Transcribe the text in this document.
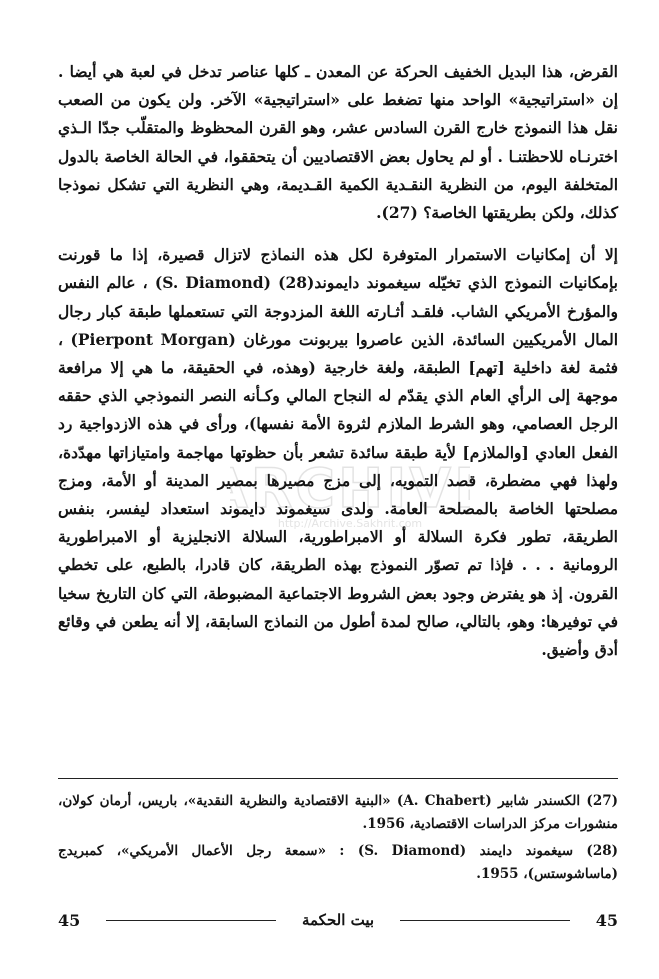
القرض، هذا البديل الخفيف الحركة عن المعدن ـ كلها عناصر تدخل في لعبة هي أيضا . إن «استراتيجية» الواحد منها تضغط على «استراتيجية» الآخر. ولن يكون من الصعب نقل هذا النموذج خارج القرن السادس عشر، وهو القرن المحظوظ والمتقلّب جدّا الـذي اخترنـاه للاحظتنـا . أو لم يحاول بعض الاقتصاديين أن يتحققوا، في الحالة الخاصة بالدول المتخلفة اليوم، من النظرية النقـدية الكمية القـديمة، وهي النظرية التي تشكل نموذجا كذلك، ولكن بطريقتها الخاصة؟ (27).

إلا أن إمكانيات الاستمرار المتوفرة لكل هذه النماذج لاتزال قصيرة، إذا ما قورنت بإمكانيات النموذج الذي تخيّله سيغموند دايموند(28) (S. Diamond) ، عالم النفس والمؤرخ الأمريكي الشاب. فلقـد أثـارته اللغة المزدوجة التي تستعملها طبقة كبار رجال المال الأمريكيين السائدة، الذين عاصروا بيربونت مورغان (Pierpont Morgan) ، فثمة لغة داخلية [تهم] الطبقة، ولغة خارجية (وهذه، في الحقيقة، ما هي إلا مرافعة موجهة إلى الرأي العام الذي يقدّم له النجاح المالي وكـأنه النصر النموذجي الذي حققه الرجل العصامي، وهو الشرط الملازم لثروة الأمة نفسها)، ورأى في هذه الازدواجية رد الفعل العادي [والملازم] لأية طبقة سائدة تشعر بأن حظوتها مهاجمة وامتيازاتها مهدّدة، ولهذا فهي مضطرة، قصد التمويه، إلى مزج مصيرها بمصير المدينة أو الأمة، ومزج مصلحتها الخاصة بالمصلحة العامة. ولدى سيغموند دايموند استعداد ليفسر، بنفس الطريقة، تطور فكرة السلالة أو الامبراطورية، السلالة الانجليزية أو الامبراطورية الرومانية . . . فإذا تم تصوّر النموذج بهذه الطريقة، كان قادرا، بالطبع، على تخطي القرون. إذ هو يفترض وجود بعض الشروط الاجتماعية المضبوطة، التي كان التاريخ سخيا في توفيرها: وهو، بالتالي، صالح لمدة أطول من النماذج السابقة، إلا أنه يطعن في وقائع أدق وأضيق.

RCHIV
http://Archive.Sakhrit.com

(27) الكسندر شابير (A. Chabert) «البنية الاقتصادية والنظرية النقدية»، باريس، أرمان كولان، منشورات مركز الدراسات الاقتصادية، 1956.

(28) سيغموند دايمند (S. Diamond) : «سمعة رجل الأعمال الأمريكي»، كمبريدج (ماساشوستس)، 1955.

45	بيت الحكمة	45
